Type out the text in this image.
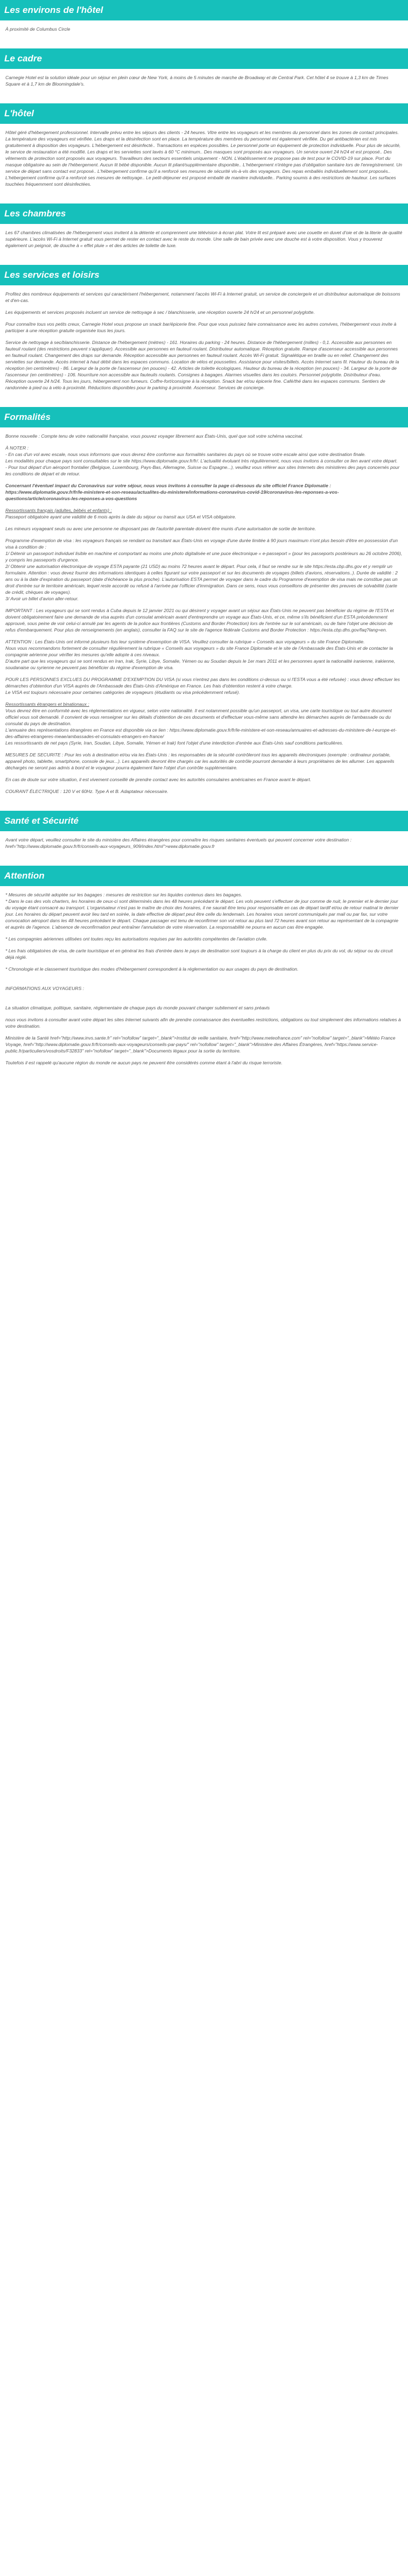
Les environs de l'hôtel

À proximité de Columbus Circle

Le cadre

Carnegie Hotel est la solution idéale pour un séjour en plein cœur de New York, à moins de 5 minutes de marche de Broadway et de Central Park. Cet hôtel 4 se trouve à 1,3 km de Times Square et à 1,7 km de Bloomingdale's.

L'hôtel

Hôtel géré d'hébergement professionnel. Intervalle prévu entre les séjours des clients - 24 heures. Vitre entre les voyageurs et les membres du personnel dans les zones de contact principales. La température des voyageurs est vérifiée. Les draps et la désinfection sont en place. La température des membres du personnel est également vérifiée. Du gel antibactérien est mis gratuitement à disposition des voyageurs. L'hébergement est désinfecté.. Transactions en espèces possibles. Le personnel porte un équipement de protection individuelle. Pour plus de sécurité, le service de restauration a été modifié. Les draps et les serviettes sont lavés à 60 °C minimum.. Des masques sont proposés aux voyageurs. Un service ouvert 24 h/24 et est proposé.. Des vêtements de protection sont proposés aux voyageurs. Travailleurs des secteurs essentiels uniquement - NON. L'établissement ne propose pas de test pour le COVID-19 sur place. Port du masque obligatoire au sein de l'hébergement. Aucun lit bébé disponible. Aucun lit pliant/supplémentaire disponible.. L'hébergement n'intègre pas d'obligation sanitaire lors de l'enregistrement. Un service de départ sans contact est proposé.. L'hébergement confirme qu'il a renforcé ses mesures de sécurité vis-à-vis des voyageurs. Des repas emballés individuellement sont proposés.. L'hébergement confirme qu'il a renforcé ses mesures de nettoyage.. Le petit-déjeuner est proposé emballé de manière individuelle.. Parking soumis à des restrictions de hauteur. Les surfaces touchées fréquemment sont désinfectées.

Les chambres

Les 67 chambres climatisées de l'hébergement vous invitent à la détente et comprennent une télévision à écran plat. Votre lit est préparé avec une couette en duvet d'oie et de la literie de qualité supérieure. L'accès Wi-Fi à Internet gratuit vous permet de rester en contact avec le reste du monde. Une salle de bain privée avec une douche est à votre disposition. Vous y trouverez également un peignoir, de douche à « effet pluie » et des articles de toilette de luxe.

Les services et loisirs

Profitez des nombreux équipements et services qui caractérisent l'hébergement, notamment l'accès Wi-Fi à Internet gratuit, un service de concierge/e et un distributeur automatique de boissons et d'en-cas.

Les équipements et services proposés incluent un service de nettoyage à sec / blanchisserie, une réception ouverte 24 h/24 et un personnel polyglotte.

Pour connaître tous vos petits creux, Carnegie Hotel vous propose un snack bar/épicerie fine. Pour que vous puissiez faire connaissance avec les autres convives, l'hébergement vous invite à participer à une réception gratuite organisée tous les jours.

Service de nettoyage à sec/blanchisserie. Distance de l'hébergement (mètres) - 161. Horaires du parking - 24 heures. Distance de l'hébergement (milles) - 0,1. Accessible aux personnes en fauteuil roulant (des restrictions peuvent s'appliquer). Accessible aux personnes en fauteuil roulant. Distributeur automatique. Réception gratuite. Rampe d'ascenseur accessible aux personnes en fauteuil roulant. Changement des draps sur demande. Réception accessible aux personnes en fauteuil roulant. Accès Wi-Fi gratuit. Signalétique en braille ou en relief. Changement des serviettes sur demande. Accès internet à haut débit dans les espaces communs. Location de vélos et poussettes. Assistance pour visites/billets. Accès Internet sans fil. Hauteur du bureau de la réception (en centimètres) - 86. Largeur de la porte de l'ascenseur (en pouces) - 42. Articles de toilette écologiques. Hauteur du bureau de la réception (en pouces) - 34. Largeur de la porte de l'ascenseur (en centimètres) - 106. Nourriture non accessible aux fauteuils roulants. Consignes à bagages. Alarmes visuelles dans les couloirs. Personnel polyglotte. Distributeur d'eau. Réception ouverte 24 h/24. Tous les jours, hébergement non fumeurs. Coffre-fort/consigne à la réception. Snack bar et/ou épicerie fine. Café/thé dans les espaces communs. Sentiers de randonnée à pied ou à vélo à proximité. Réductions disponibles pour le parking à proximité. Ascenseur. Services de concierge.

Formalités

Bonne nouvelle : Compte tenu de votre nationalité française, vous pouvez voyager librement aux États-Unis, quel que soit votre schéma vaccinal.

À NOTER :

- En cas d'un vol avec escale, nous vous informons que vous devrez être conforme aux formalités sanitaires du pays où se trouve votre escale ainsi que votre destination finale.

Les modalités pour chaque pays sont consultables sur le site https://www.diplomatie.gouv.fr/fr/. L'actualité évoluant très régulièrement, nous vous invitons à consulter ce lien avant votre départ.

- Pour tout départ d'un aéroport frontalier (Belgique, Luxembourg, Pays-Bas, Allemagne, Suisse ou Espagne...), veuillez vous référer aux sites Internets des ministères des pays concernés pour les conditions de départ et de retour.

Concernant l'éventuel impact du Coronavirus sur votre séjour, nous vous invitons à consulter la page ci-dessous du site officiel France Diplomatie : https://www.diplomatie.gouv.fr/fr/le-ministere-et-son-reseau/actualites-du-ministere/informations-coronavirus-covid-19/coronavirus-les-reponses-a-vos-questions/article/coronavirus-les-reponses-a-vos-questions

Ressortissants français (adultes, bébés et enfants) :

Passeport obligatoire ayant une validité de 6 mois après la date du séjour ou transit aux USA et VISA obligatoire.

Les mineurs voyageant seuls ou avec une personne ne disposant pas de l'autorité parentale doivent être munis d'une autorisation de sortie de territoire.

Programme d'exemption de visa : les voyageurs français se rendant ou transitant aux États-Unis en voyage d'une durée limitée à 90 jours maximum n'ont plus besoin d'être en possession d'un visa à condition de :

1/ Détenir un passeport individuel lisible en machine et comportant au moins une photo digitalisée et une puce électronique « e-passeport » (pour les passeports postérieurs au 26 octobre 2006), y compris les passeports d'urgence.

2/ Obtenir une autorisation électronique de voyage ESTA payante (21 USD) au moins 72 heures avant le départ. Pour cela, il faut se rendre sur le site https://esta.cbp.dhs.gov et y remplir un formulaire. Attention : vous devez fournir des informations identiques à celles figurant sur votre passeport et sur les documents de voyages (billets d'avions, réservations..). Durée de validité : 2 ans ou à la date d'expiration du passeport (date d'échéance la plus proche). L'autorisation ESTA permet de voyager dans le cadre du Programme d'exemption de visa mais ne constitue pas un droit d'entrée sur le territoire américain, lequel reste accordé ou refusé à l'arrivée par l'officier d'immigration. Dans ce sens, nous vous conseillons de présenter des preuves de solvabilité (carte de crédit, chèques de voyages).

3/ Avoir un billet d'avion aller-retour.

IMPORTANT : Les voyageurs qui se sont rendus à Cuba depuis le 12 janvier 2021 ou qui désirent y voyager avant un séjour aux États-Unis ne peuvent pas bénéficier du régime de l'ESTA et doivent obligatoirement faire une demande de visa auprès d'un consulat américain avant d'entreprendre un voyage aux États-Unis, et ce, même s'ils bénéficient d'un ESTA précédemment approuvé, sous peine de voir celui-ci annulé par les agents de la police aux frontières (Customs and Border Protection) lors de l'entrée sur le sol américain, ou de faire l'objet une décision de refus d'embarquement. Pour plus de renseignements (en anglais), consulter la FAQ sur le site de l'agence fédérale Customs and Border Protection : https://esta.cbp.dhs.gov/faq?lang=en.

ATTENTION : Les États-Unis ont informé plusieurs fois leur système d'exemption de VISA. Veuillez consulter la rubrique « Conseils aux voyageurs » du site France Diplomatie.

Nous vous recommandons fortement de consulter régulièrement la rubrique « Conseils aux voyageurs » du site France Diplomatie et le site de l'Ambassade des États-Unis et de contacter la compagnie aérienne pour vérifier les mesures qu'elle adopte à ces niveaux.

D'autre part que les voyageurs qui se sont rendus en Iran, Irak, Syrie, Libye, Somalie, Yémen ou au Soudan depuis le 1er mars 2011 et les personnes ayant la nationalité iranienne, irakienne, soudanaise ou syrienne ne peuvent pas bénéficier du régime d'exemption de visa.

POUR LES PERSONNES EXCLUES DU PROGRAMME D'EXEMPTION DU VISA (si vous n'entrez pas dans les conditions ci-dessus ou si l'ESTA vous a été refusée) : vous devez effectuer les démarches d'obtention d'un VISA auprès de l'Ambassade des États-Unis d'Amérique en France. Les frais d'obtention restent à votre charge.

Le VISA est toujours nécessaire pour certaines catégories de voyageurs (étudiants ou visa précédemment refusé).

Ressortissants étrangers et binationaux :

Vous devrez être en conformité avec les réglementations en vigueur, selon votre nationalité. Il est notamment possible qu'un passeport, un visa, une carte touristique ou tout autre document officiel vous soit demandé. Il convient de vous renseigner sur les détails d'obtention de ces documents et d'effectuer vous-même sans attendre les démarches auprès de l'ambassade ou du consulat du pays de destination.

L'annuaire des représentations étrangères en France est disponible via ce lien : https://www.diplomatie.gouv.fr/fr/le-ministere-et-son-reseau/annuaires-et-adresses-du-ministere-de-l-europe-et-des-affaires-etrangeres-meae/ambassades-et-consulats-etrangers-en-france/

Les ressortissants de net pays (Syrie, Iran, Soudan, Libye, Somalie, Yémen et Irak) font l'objet d'une interdiction d'entrée aux États-Unis sauf conditions particulières.

MESURES DE SECURITE : Pour les vols à destination et/ou via les États-Unis : les responsables de la sécurité contrôleront tous les appareils électroniques (exemple : ordinateur portable, appareil photo, tablette, smartphone, console de jeux...). Les appareils devront être chargés car les autorités de contrôle pourront demander à leurs propriétaires de les allumer. Les appareils déchargés ne seront pas admis à bord et le voyageur pourra également faire l'objet d'un contrôle supplémentaire.

En cas de doute sur votre situation, il est vivement conseillé de prendre contact avec les autorités consulaires américaines en France avant le départ.

COURANT ÉLECTRIQUE : 120 V et 60Hz. Type A et B. Adaptateur nécessaire.

Santé et Sécurité

Avant votre départ, veuillez consulter le site du ministère des Affaires étrangères pour connaître les risques sanitaires éventuels qui peuvent concerner votre destination : href="http://www.diplomatie.gouv.fr/fr/conseils-aux-voyageurs_909/index.html">www.diplomatie.gouv.fr

Attention

* Mesures de sécurité adoptée sur les bagages : mesures de restriction sur les liquides contenus dans les bagages.

* Dans le cas des vols charters, les horaires de ceux-ci sont déterminés dans les 48 heures précédant le départ. Les vols peuvent s'effectuer de jour comme de nuit, le premier et le dernier jour du voyage étant consacré au transport. L'organisateur n'est pas le maître de choix des horaires, il ne saurait être tenu pour responsable en cas de départ tardif et/ou de retour matinal le dernier jour. Les horaires du départ peuvent avoir lieu tard en soirée, la date effective de départ peut être celle du lendemain. Les horaires vous seront communiqués par mail ou par fax, sur votre convocation aéroport dans les 48 heures précédant le départ. Chaque passager est tenu de reconfirmer son vol retour au plus tard 72 heures avant son retour au représentant de la compagnie et auprès de l'agence. L'absence de reconfirmation peut entraîner l'annulation de votre réservation. La responsabilité ne pourra en aucun cas être engagée.

* Les compagnies aériennes utilisées ont toutes reçu les autorisations requises par les autorités compétentes de l'aviation civile.

* Les frais obligatoires de visa, de carte touristique et en général les frais d'entrée dans le pays de destination sont toujours à la charge du client en plus du prix du vol, du séjour ou du circuit déjà réglé.

* Chronologie et le classement touristique des modes d'hébergement correspondent à la réglementation ou aux usages du pays de destination.

INFORMATIONS AUX VOYAGEURS :

La situation climatique, politique, sanitaire, réglementaire de chaque pays du monde pouvant changer subitement et sans préavis

nous vous invitons à consulter avant votre départ les sites Internet suivants afin de prendre connaissance des éventuelles restrictions, obligations ou tout simplement des informations relatives à votre destination.

Ministère de la Santé href="http://www.invs.sante.fr" rel="nofollow" target="_blank">Institut de veille sanitaire, href="http://www.meteofrance.com" rel="nofollow" target="_blank">Météo France Voyage, href="http://www.diplomatie.gouv.fr/fr/conseils-aux-voyageurs/conseils-par-pays/" rel="nofollow" target="_blank">Ministère des Affaires Étrangères, href="https://www.service-public.fr/particuliers/vosdroits/F32833" rel="nofollow" target="_blank">Documents légaux pour la sortie du territoire.

Toutefois il est rappelé qu'aucune région du monde ne aucun pays ne peuvent être considérés comme étant à l'abri du risque terroriste.
